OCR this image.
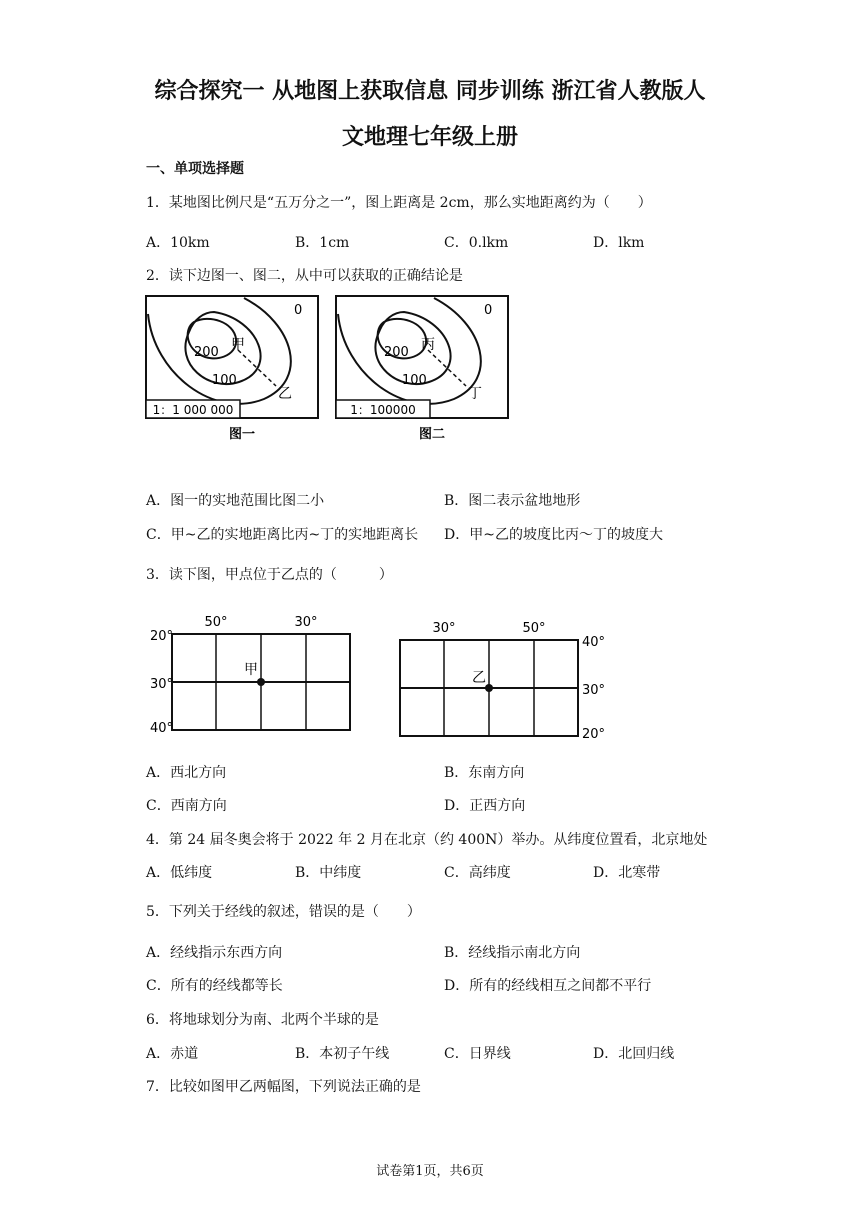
综合探究一 从地图上获取信息 同步训练 浙江省人教版人
文地理七年级上册
一、单项选择题
1．某地图比例尺是“五万分之一”，图上距离是 2cm，那么实地距离约为（　　）
A．10km	B．1cm	C．0.lkm	D．lkm
2．读下边图一、图二，从中可以获取的正确结论是
0
200 甲
100
乙
1：1 000 000
图一
0
200 丙
100
丁
1：100000
图二
A．图一的实地范围比图二小	B．图二表示盆地地形
C．甲~乙的实地距离比丙~丁的实地距离长 D．甲~乙的坡度比丙～丁的坡度大
3．读下图，甲点位于乙点的（　　　）
50°	30°
20°
30°
40°
甲
30°	50°
40°
30°
20°
乙
A．西北方向	B．东南方向
C．西南方向	D．正西方向
4．第 24 届冬奥会将于 2022 年 2 月在北京（约 400N）举办。从纬度位置看，北京地处
A．低纬度	B．中纬度	C．高纬度	D．北寒带
5．下列关于经线的叙述，错误的是（　　）
A．经线指示东西方向	B．经线指示南北方向
C．所有的经线都等长	D．所有的经线相互之间都不平行
6．将地球划分为南、北两个半球的是
A．赤道	B．本初子午线	C．日界线	D．北回归线
7．比较如图甲乙两幅图，下列说法正确的是
试卷第1页，共6页
